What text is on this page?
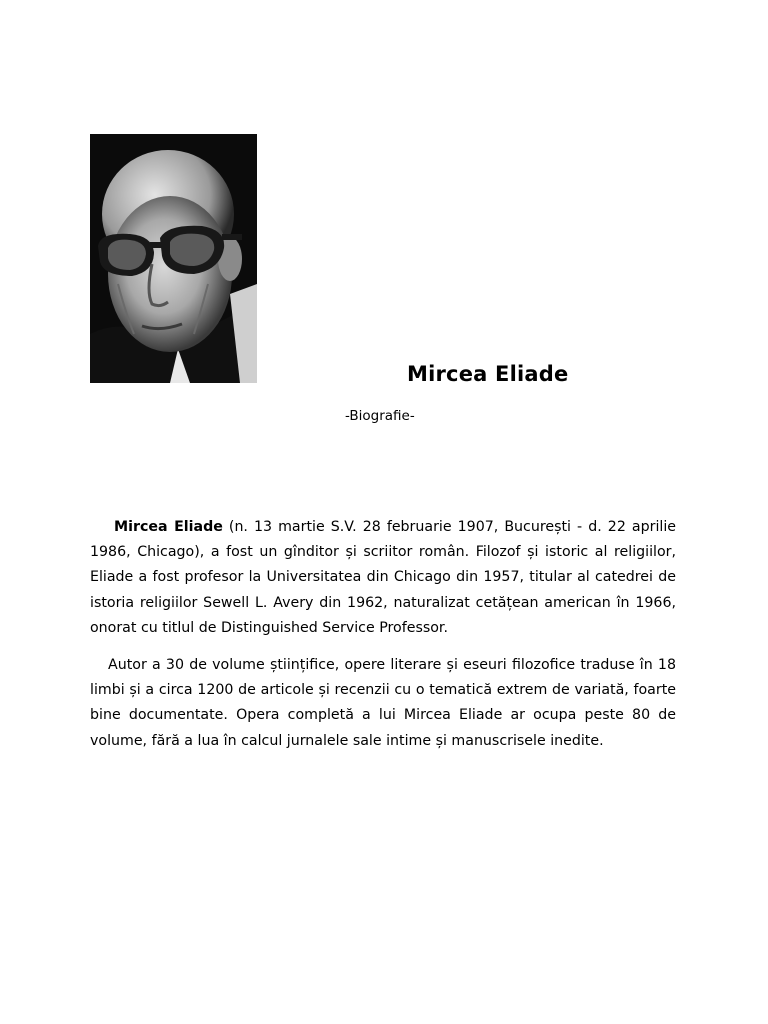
Mircea Eliade
-Biografie-

Mircea Eliade (n. 13 martie S.V. 28 februarie 1907, București - d. 22 aprilie 1986, Chicago), a fost un gînditor și scriitor român. Filozof și istoric al religiilor, Eliade a fost profesor la Universitatea din Chicago din 1957, titular al catedrei de istoria religiilor Sewell L. Avery din 1962, naturalizat cetățean american în 1966, onorat cu titlul de Distinguished Service Professor.

Autor a 30 de volume științifice, opere literare și eseuri filozofice traduse în 18 limbi și a circa 1200 de articole și recenzii cu o tematică extrem de variată, foarte bine documentate. Opera completă a lui Mircea Eliade ar ocupa peste 80 de volume, fără a lua în calcul jurnalele sale intime și manuscrisele inedite.
